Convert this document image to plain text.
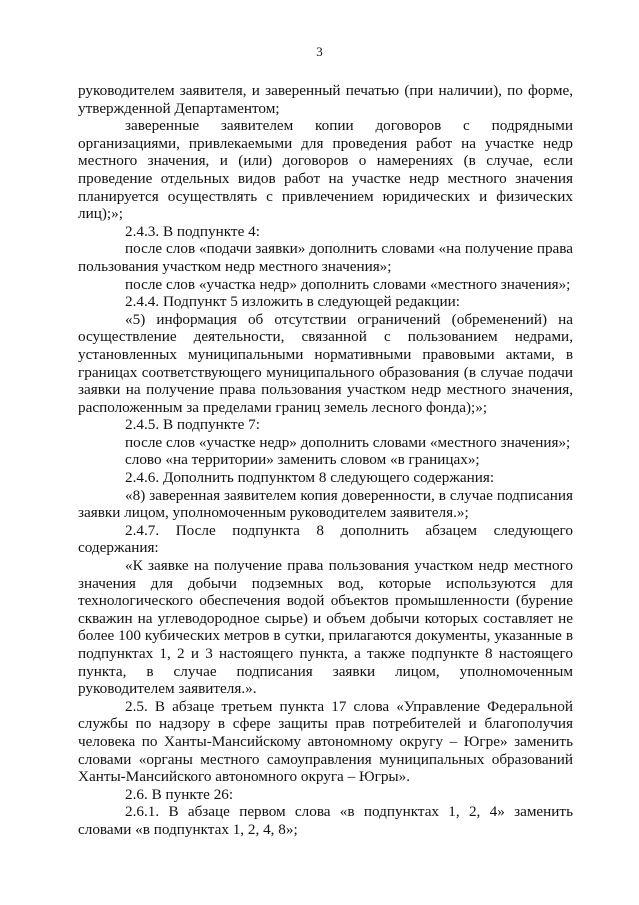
3

руководителем заявителя, и заверенный печатью (при наличии), по форме, утвержденной Департаментом;

заверенные заявителем копии договоров с подрядными организациями, привлекаемыми для проведения работ на участке недр местного значения, и (или) договоров о намерениях (в случае, если проведение отдельных видов работ на участке недр местного значения планируется осуществлять с привлечением юридических и физических лиц);»;

2.4.3. В подпункте 4:

после слов «подачи заявки» дополнить словами «на получение права пользования участком недр местного значения»;

после слов «участка недр» дополнить словами «местного значения»;

2.4.4. Подпункт 5 изложить в следующей редакции:

«5) информация об отсутствии ограничений (обременений) на осуществление деятельности, связанной с пользованием недрами, установленных муниципальными нормативными правовыми актами, в границах соответствующего муниципального образования (в случае подачи заявки на получение права пользования участком недр местного значения, расположенным за пределами границ земель лесного фонда);»;

2.4.5. В подпункте 7:

после слов «участке недр» дополнить словами «местного значения»;

слово «на территории» заменить словом «в границах»;

2.4.6. Дополнить подпунктом 8 следующего содержания:

«8) заверенная заявителем копия доверенности, в случае подписания заявки лицом, уполномоченным руководителем заявителя.»;

2.4.7. После подпункта 8 дополнить абзацем следующего содержания:

«К заявке на получение права пользования участком недр местного значения для добычи подземных вод, которые используются для технологического обеспечения водой объектов промышленности (бурение скважин на углеводородное сырье) и объем добычи которых составляет не более 100 кубических метров в сутки, прилагаются документы, указанные в подпунктах 1, 2 и 3 настоящего пункта, а также подпункте 8 настоящего пункта, в случае подписания заявки лицом, уполномоченным руководителем заявителя.».

2.5. В абзаце третьем пункта 17 слова «Управление Федеральной службы по надзору в сфере защиты прав потребителей и благополучия человека по Ханты-Мансийскому автономному округу – Югре» заменить словами «органы местного самоуправления муниципальных образований Ханты-Мансийского автономного округа – Югры».

2.6. В пункте 26:

2.6.1. В абзаце первом слова «в подпунктах 1, 2, 4» заменить словами «в подпунктах 1, 2, 4, 8»;
